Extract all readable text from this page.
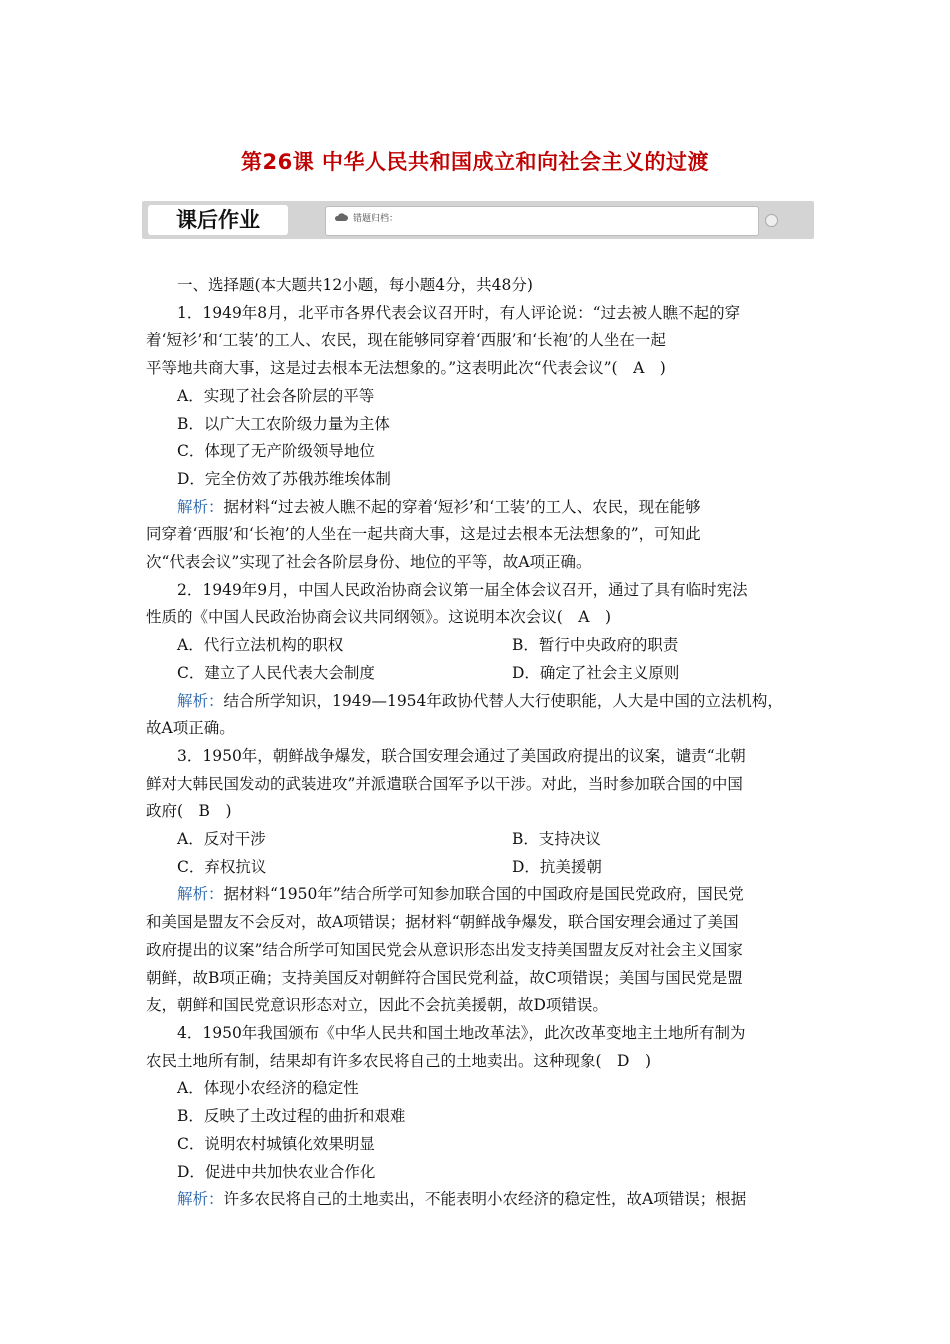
第26课 中华人民共和国成立和向社会主义的过渡
课后作业	错题归档：

一、选择题(本大题共12小题，每小题4分，共48分)

1．1949年8月，北平市各界代表会议召开时，有人评论说：“过去被人瞧不起的穿

着‘短衫’和‘工装’的工人、农民，现在能够同穿着‘西服’和‘长袍’的人坐在一起

平等地共商大事，这是过去根本无法想象的。”这表明此次“代表会议”(　A　)

A．实现了社会各阶层的平等

B．以广大工农阶级力量为主体

C．体现了无产阶级领导地位

D．完全仿效了苏俄苏维埃体制

解析：据材料“过去被人瞧不起的穿着‘短衫’和‘工装’的工人、农民，现在能够

同穿着‘西服’和‘长袍’的人坐在一起共商大事，这是过去根本无法想象的”，可知此

次“代表会议”实现了社会各阶层身份、地位的平等，故A项正确。

2．1949年9月，中国人民政治协商会议第一届全体会议召开，通过了具有临时宪法

性质的《中国人民政治协商会议共同纲领》。这说明本次会议(　A　)

A．代行立法机构的职权	B．暂行中央政府的职责
C．建立了人民代表大会制度	D．确定了社会主义原则

解析：结合所学知识，1949—1954年政协代替人大行使职能，人大是中国的立法机构，

故A项正确。

3．1950年，朝鲜战争爆发，联合国安理会通过了美国政府提出的议案，谴责“北朝

鲜对大韩民国发动的武装进攻”并派遣联合国军予以干涉。对此，当时参加联合国的中国

政府(　B　)

A．反对干涉	B．支持决议
C．弃权抗议	D．抗美援朝

解析：据材料“1950年”结合所学可知参加联合国的中国政府是国民党政府，国民党

和美国是盟友不会反对，故A项错误；据材料“朝鲜战争爆发，联合国安理会通过了美国

政府提出的议案”结合所学可知国民党会从意识形态出发支持美国盟友反对社会主义国家

朝鲜，故B项正确；支持美国反对朝鲜符合国民党利益，故C项错误；美国与国民党是盟

友，朝鲜和国民党意识形态对立，因此不会抗美援朝，故D项错误。

4．1950年我国颁布《中华人民共和国土地改革法》，此次改革变地主土地所有制为

农民土地所有制，结果却有许多农民将自己的土地卖出。这种现象(　D　)

A．体现小农经济的稳定性

B．反映了土改过程的曲折和艰难

C．说明农村城镇化效果明显

D．促进中共加快农业合作化

解析：许多农民将自己的土地卖出，不能表明小农经济的稳定性，故A项错误；根据
